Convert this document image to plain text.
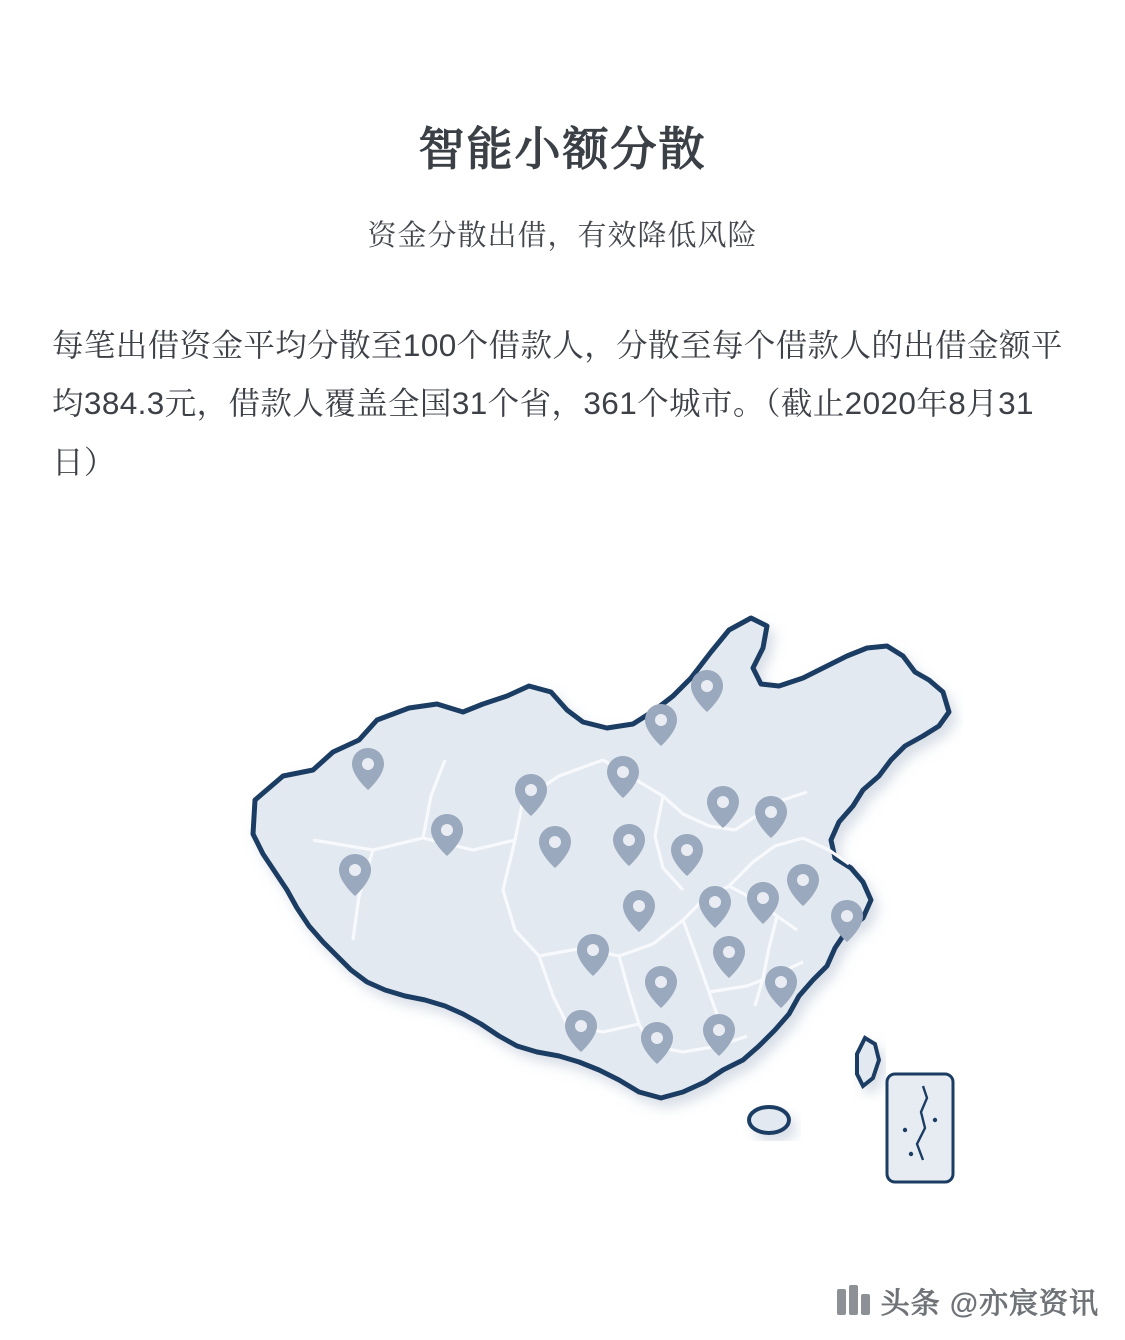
智能小额分散
资金分散出借，有效降低风险

每笔出借资金平均分散至100个借款人，分散至每个借款人的出借金额平均384.3元，借款人覆盖全国31个省，361个城市。（截止2020年8月31日）

头条 @亦宸资讯
